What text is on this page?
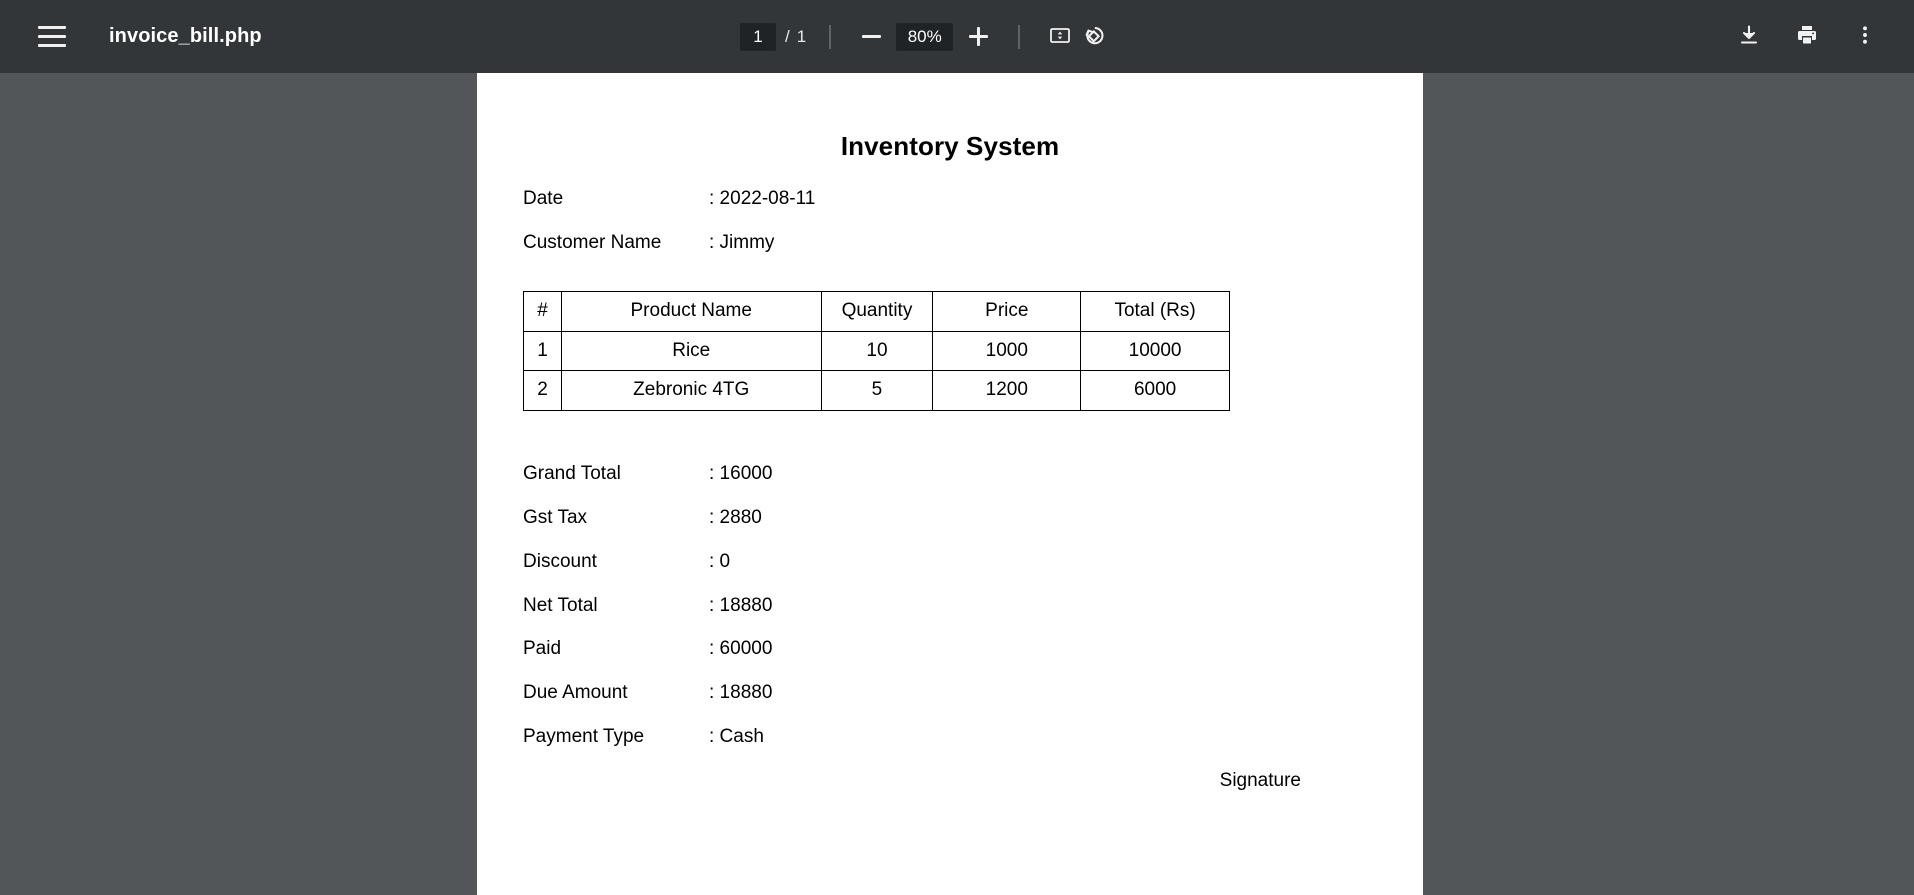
invoice_bill.php
1	/ 1	80%
Inventory System
Date	: 2022-08-11
Customer Name	: Jimmy
#	Product Name	Quantity	Price	Total (Rs)
1	Rice	10	1000	10000
2	Zebronic 4TG	5	1200	6000
Grand Total	: 16000
Gst Tax	: 2880
Discount	: 0
Net Total	: 18880
Paid	: 60000
Due Amount	: 18880
Payment Type	: Cash
Signature
